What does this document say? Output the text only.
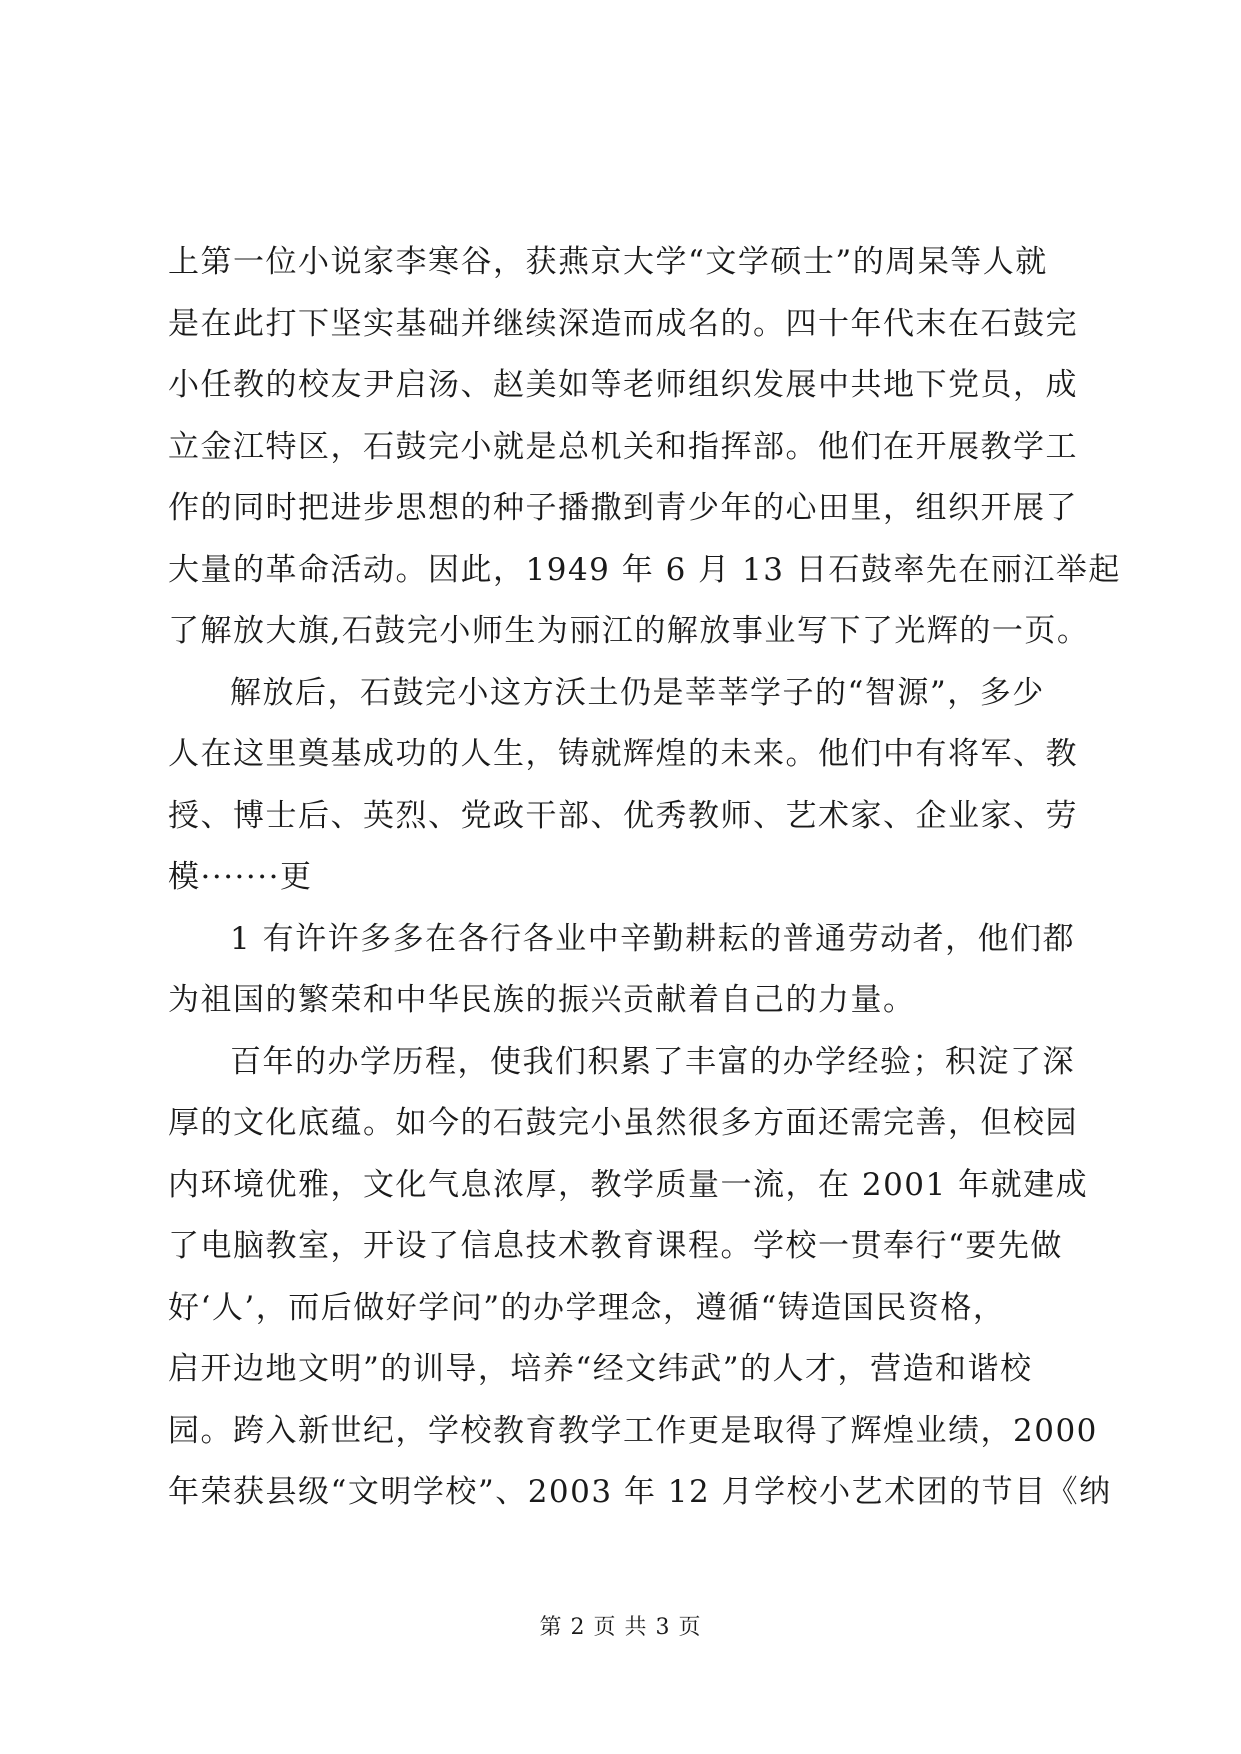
上第一位小说家李寒谷，获燕京大学“文学硕士”的周杲等人就
是在此打下坚实基础并继续深造而成名的。四十年代末在石鼓完
小任教的校友尹启汤、赵美如等老师组织发展中共地下党员，成
立金江特区，石鼓完小就是总机关和指挥部。他们在开展教学工
作的同时把进步思想的种子播撒到青少年的心田里，组织开展了
大量的革命活动。因此，1949 年 6 月 13 日石鼓率先在丽江举起
了解放大旗,石鼓完小师生为丽江的解放事业写下了光辉的一页。
解放后，石鼓完小这方沃土仍是莘莘学子的“智源”，多少
人在这里奠基成功的人生，铸就辉煌的未来。他们中有将军、教
授、博士后、英烈、党政干部、优秀教师、艺术家、企业家、劳
模·······更
1 有许许多多在各行各业中辛勤耕耘的普通劳动者，他们都
为祖国的繁荣和中华民族的振兴贡献着自己的力量。
百年的办学历程，使我们积累了丰富的办学经验；积淀了深
厚的文化底蕴。如今的石鼓完小虽然很多方面还需完善，但校园
内环境优雅，文化气息浓厚，教学质量一流，在 2001 年就建成
了电脑教室，开设了信息技术教育课程。学校一贯奉行“要先做
好‘人’，而后做好学问”的办学理念，遵循“铸造国民资格，
启开边地文明”的训导，培养“经文纬武”的人才，营造和谐校
园。跨入新世纪，学校教育教学工作更是取得了辉煌业绩，2000
年荣获县级“文明学校”、2003 年 12 月学校小艺术团的节目《纳
第 2 页 共 3 页
